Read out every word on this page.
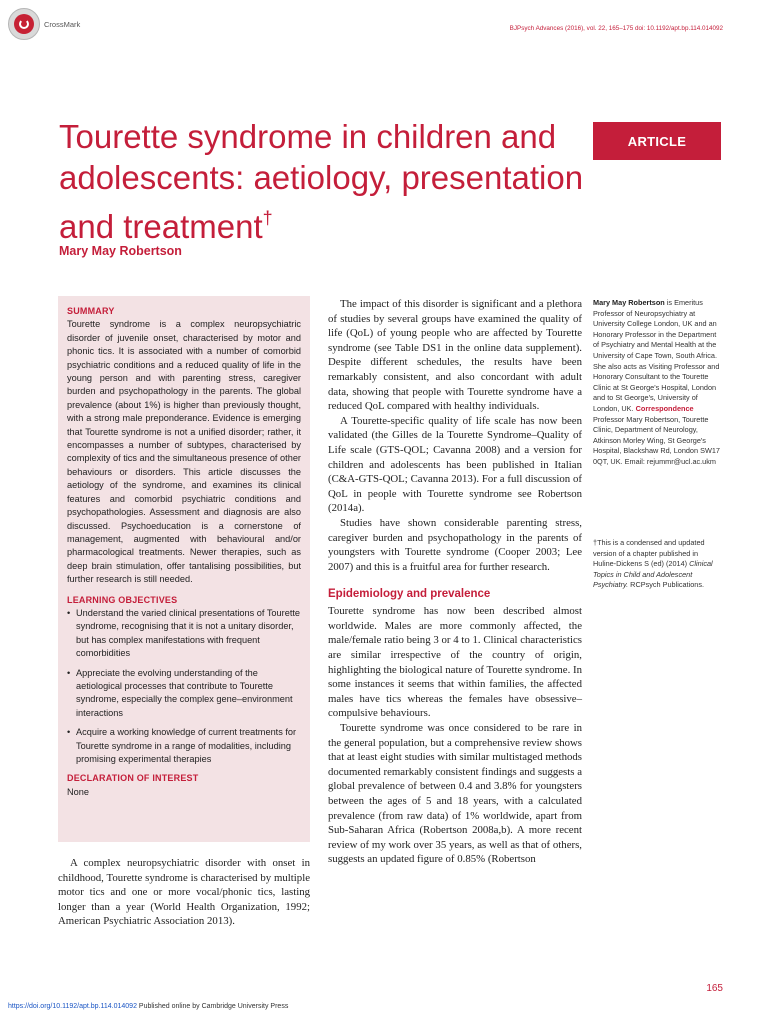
CrossMark	BJPsych Advances (2016), vol. 22, 165–175 doi: 10.1192/apt.bp.114.014092
Tourette syndrome in children and adolescents: aetiology, presentation and treatment†
Mary May Robertson
ARTICLE
SUMMARY

Tourette syndrome is a complex neuropsychiatric disorder of juvenile onset, characterised by motor and phonic tics. It is associated with a number of comorbid psychiatric conditions and a reduced quality of life in the young person and with parenting stress, caregiver burden and psychopathology in the parents. The global prevalence (about 1%) is higher than previously thought, with a strong male preponderance. Evidence is emerging that Tourette syndrome is not a unified disorder; rather, it encompasses a number of subtypes, characterised by complexity of tics and the simultaneous presence of other behaviours or disorders. This article discusses the aetiology of the syndrome, and examines its clinical features and comorbid psychiatric conditions and psychopathologies. Assessment and diagnosis are also discussed. Psychoeducation is a cornerstone of management, augmented with behavioural and/or pharmacological treatments. Newer therapies, such as deep brain stimulation, offer tantalising possibilities, but further research is still needed.

LEARNING OBJECTIVES
• Understand the varied clinical presentations of Tourette syndrome, recognising that it is not a unitary disorder, but has complex manifestations with frequent comorbidities
• Appreciate the evolving understanding of the aetiological processes that contribute to Tourette syndrome, especially the complex gene–environment interactions
• Acquire a working knowledge of current treatments for Tourette syndrome in a range of modalities, including promising experimental therapies
DECLARATION OF INTEREST

None

A complex neuropsychiatric disorder with onset in childhood, Tourette syndrome is characterised by multiple motor tics and one or more vocal/phonic tics, lasting longer than a year (World Health Organization, 1992; American Psychiatric Association 2013).

The impact of this disorder is significant and a plethora of studies by several groups have examined the quality of life (QoL) of young people who are affected by Tourette syndrome (see Table DS1 in the online data supplement). Despite different schedules, the results have been remarkably consistent, and also concordant with adult data, showing that people with Tourette syndrome have a reduced QoL compared with healthy individuals.

A Tourette-specific quality of life scale has now been validated (the Gilles de la Tourette Syndrome–Quality of Life scale (GTS-QOL; Cavanna 2008) and a version for children and adolescents has been published in Italian (C&A-GTS-QOL; Cavanna 2013). For a full discussion of QoL in people with Tourette syndrome see Robertson (2014a).

Studies have shown considerable parenting stress, caregiver burden and psychopathology in the parents of youngsters with Tourette syndrome (Cooper 2003; Lee 2007) and this is a fruitful area for further research.

Epidemiology and prevalence

Tourette syndrome has now been described almost worldwide. Males are more commonly affected, the male/female ratio being 3 or 4 to 1. Clinical characteristics are similar irrespective of the country of origin, highlighting the biological nature of Tourette syndrome. In some instances it seems that within families, the affected males have tics whereas the females have obsessive–compulsive behaviours.

Tourette syndrome was once considered to be rare in the general population, but a comprehensive review shows that at least eight studies with similar multistaged methods documented remarkably consistent findings and suggests a global prevalence of between 0.4 and 3.8% for youngsters between the ages of 5 and 18 years, with a calculated prevalence (from raw data) of 1% worldwide, apart from Sub-Saharan Africa (Robertson 2008a,b). A more recent review of my work over 35 years, as well as that of others, suggests an updated figure of 0.85% (Robertson

Mary May Robertson is Emeritus Professor of Neuropsychiatry at University College London, UK and an Honorary Professor in the Department of Psychiatry and Mental Health at the University of Cape Town, South Africa. She also acts as Visiting Professor and Honorary Consultant to the Tourette Clinic at St George's Hospital, London and to St George's, University of London, UK. Correspondence Professor Mary Robertson, Tourette Clinic, Department of Neurology, Atkinson Morley Wing, St George's Hospital, Blackshaw Rd, London SW17 0QT, UK. Email: rejummr@ucl.ac.ukm
†This is a condensed and updated version of a chapter published in Huline-Dickens S (ed) (2014) Clinical Topics in Child and Adolescent Psychiatry. RCPsych Publications.
165
https://doi.org/10.1192/apt.bp.114.014092 Published online by Cambridge University Press
